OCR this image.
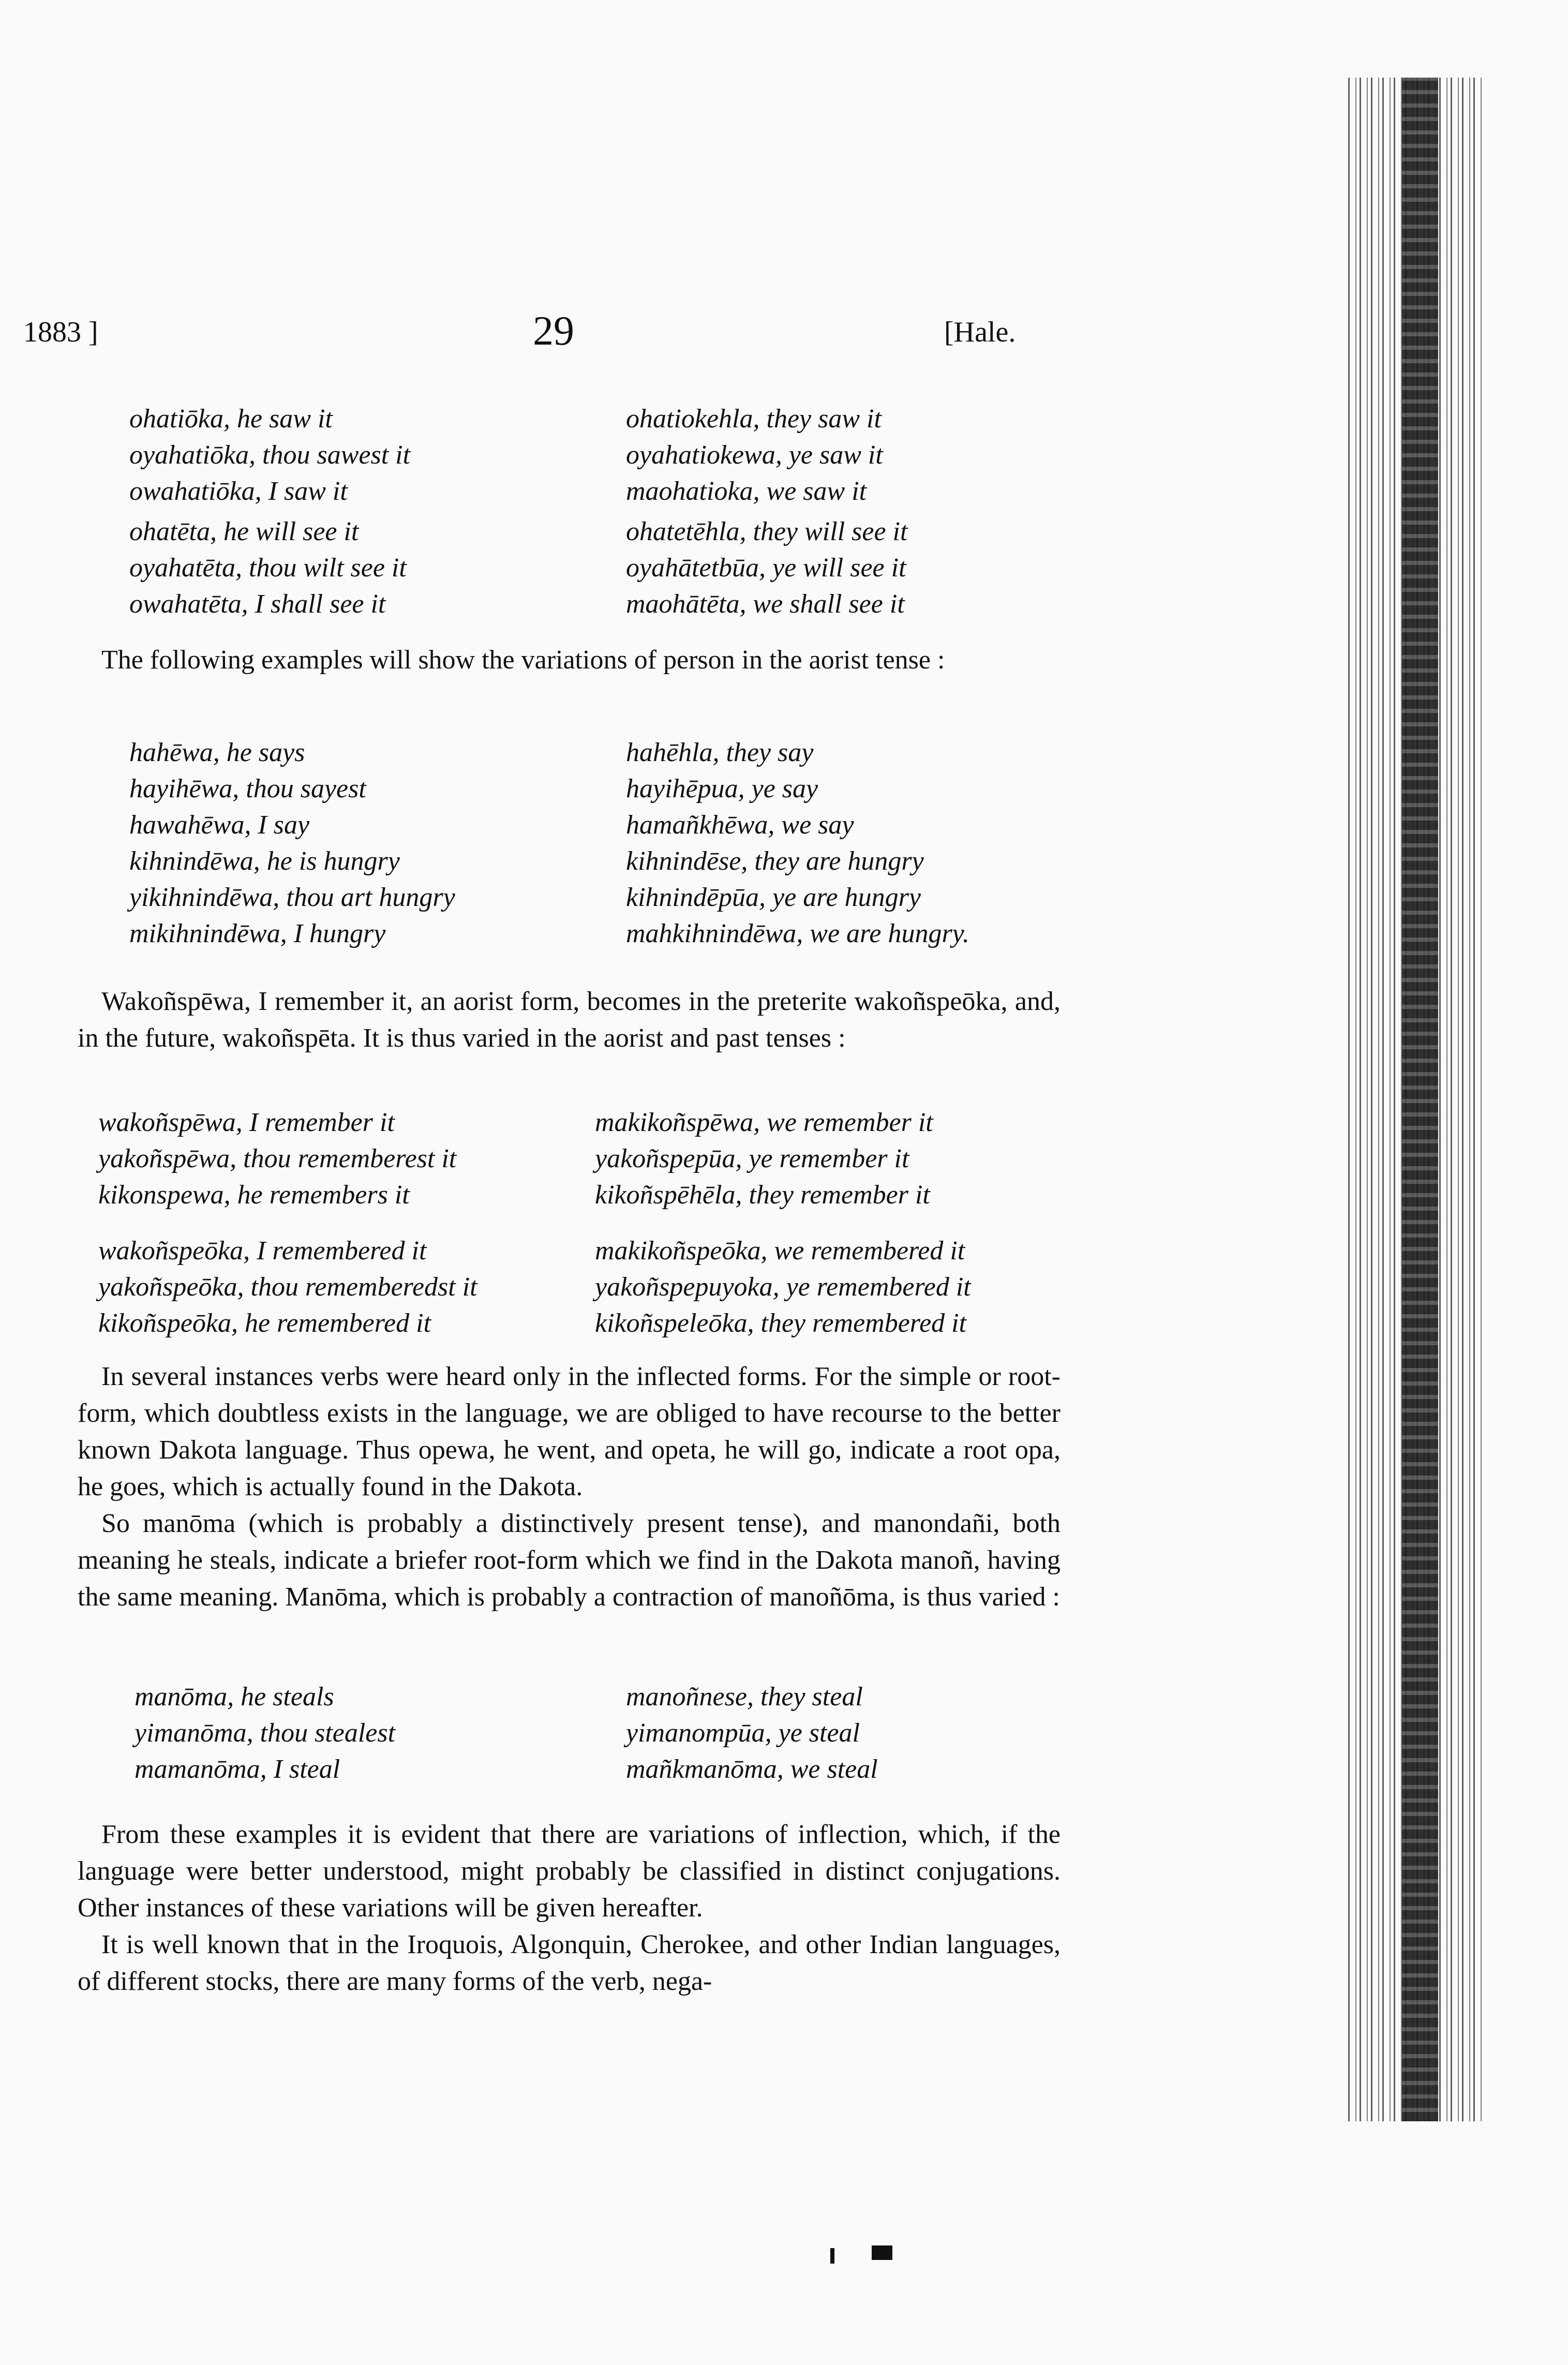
1883 ]	29	[Hale.
ohatiōka, he saw it
oyahatiōka, thou sawest it
owahatiōka, I saw it
ohatēta, he will see it
oyahatēta, thou wilt see it
owahatēta, I shall see it
ohatiokehla, they saw it
oyahatiokewa, ye saw it
maohatioka, we saw it
ohatetēhla, they will see it
oyahātetbūa, ye will see it
maohātēta, we shall see it
The following examples will show the variations of person in the aorist tense :
hahēwa, he says
hayihēwa, thou sayest
hawahēwa, I say
kihnindēwa, he is hungry
yikihnindēwa, thou art hungry
mikihnindēwa, I hungry
hahēhla, they say
hayihēpua, ye say
hamañkhēwa, we say
kihnindēse, they are hungry
kihnindēpūa, ye are hungry
mahkihnindēwa, we are hungry.
Wakoñspēwa, I remember it, an aorist form, becomes in the preterite wakoñspeōka, and, in the future, wakoñspēta. It is thus varied in the aorist and past tenses :
wakoñspēwa, I remember it
yakoñspēwa, thou rememberest it
kikonspewa, he remembers it
wakoñspeōka, I remembered it
yakoñspeōka, thou rememberedst it
kikoñspeōka, he remembered it
makikoñspēwa, we remember it
yakoñspepūa, ye remember it
kikoñspēhēla, they remember it
makikoñspeōka, we remembered it
yakoñspepuyoka, ye remembered it
kikoñspeleōka, they remembered it
In several instances verbs were heard only in the inflected forms. For the simple or root-form, which doubtless exists in the language, we are obliged to have recourse to the better known Dakota language. Thus opewa, he went, and opeta, he will go, indicate a root opa, he goes, which is actually found in the Dakota.
So manōma (which is probably a distinctively present tense), and manondañi, both meaning he steals, indicate a briefer root-form which we find in the Dakota manoñ, having the same meaning. Manōma, which is probably a contraction of manoñōma, is thus varied :
manōma, he steals
yimanōma, thou stealest
mamanōma, I steal
manoñnese, they steal
yimanompūa, ye steal
mañkmanōma, we steal
From these examples it is evident that there are variations of inflection, which, if the language were better understood, might probably be classified in distinct conjugations. Other instances of these variations will be given hereafter.
It is well known that in the Iroquois, Algonquin, Cherokee, and other Indian languages, of different stocks, there are many forms of the verb, nega-
